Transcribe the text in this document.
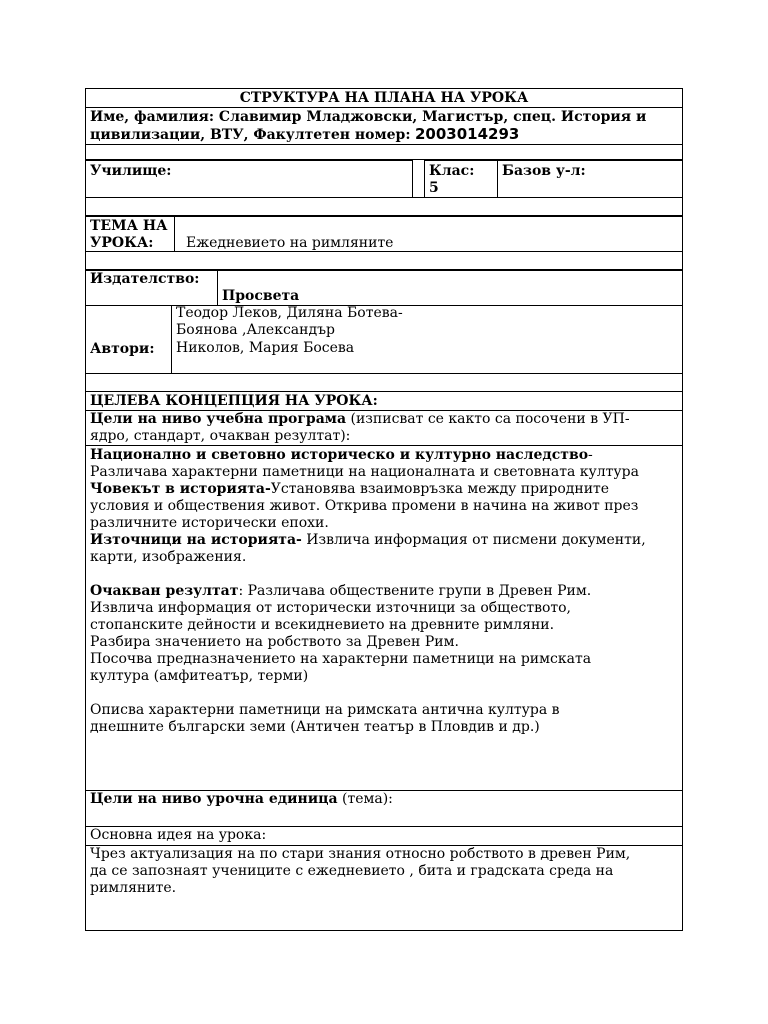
СТРУКТУРА НА ПЛАНА НА УРОКА
Име, фамилия: Славимир Младжовски, Магистър, спец. История и
цивилизации, ВТУ, Факултетен номер: 2003014293
Училище:	Клас:
5
Базов у-л:
ТЕМА НА
УРОКА: Ежедневието на римляните
Издателство:
Просвета
Автори:
Теодор Леков, Диляна Ботева-
Боянова ,Александър
Николов, Мария Босева
ЦЕЛЕВА КОНЦЕПЦИЯ НА УРОКА:
Цели на ниво учебна програма (изписват се както са посочени в УП-
ядро, стандарт, очакван резултат):
Национално и световно историческо и културно наследство-
Различава характерни паметници на националната и световната култура
Човекът в историята-Установява взаимовръзка между природните
условия и обществения живот. Открива промени в начина на живот през
различните исторически епохи.
Източници на историята- Извлича информация от писмени документи,
карти, изображения.
Очакван резултат: Различава обществените групи в Древен Рим.
Извлича информация от исторически източници за обществото,
стопанските дейности и всекидневието на древните римляни.
Разбира значението на робството за Древен Рим.
Посочва предназначението на характерни паметници на римската
култура (амфитеатър, терми)
Описва характерни паметници на римската антична култура в
днешните български земи (Античен театър в Пловдив и др.)
Цели на ниво урочна единица (тема):
Основна идея на урока:
Чрез актуализация на по стари знания относно робството в древен Рим,
да се запознаят учениците с ежедневието , бита и градската среда на
римляните.
